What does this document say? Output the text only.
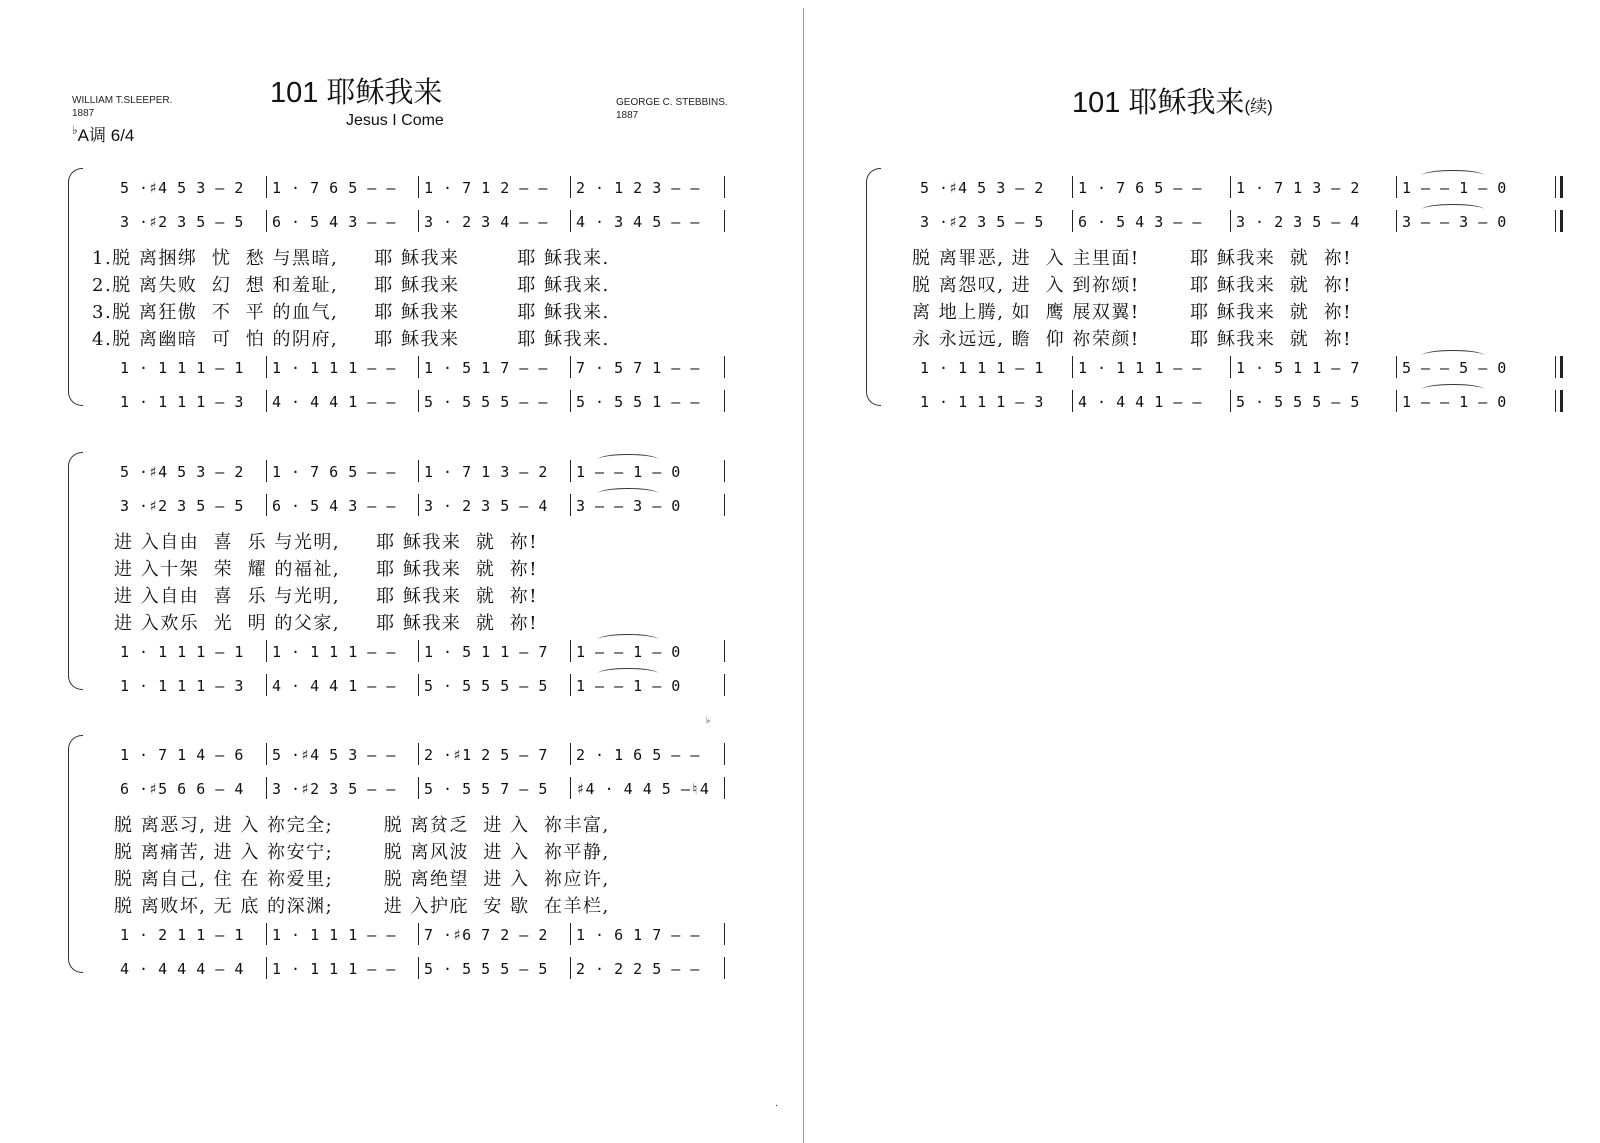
WILLIAM T.SLEEPER.
1887
101 耶稣我来
Jesus I Come
GEORGE C. STEBBINS.
1887
♭A调 6/4
5 ·♯4 5 3 — 2 1 · 7 6 5 — — 1 · 7 1 2 — — 2 · 1 2 3 — —
3 ·♯2 3 5 — 5 6 · 5 4 3 — — 3 · 2 3 4 — — 4 · 3 4 5 — —
1.脱 离捆绑  忧  愁 与黑暗,     耶 稣我来        耶 稣我来.
2.脱 离失败  幻  想 和羞耻,     耶 稣我来        耶 稣我来.
3.脱 离狂傲  不  平 的血气,     耶 稣我来        耶 稣我来.
4.脱 离幽暗  可  怕 的阴府,     耶 稣我来        耶 稣我来.
1 · 1 1 1 — 1 1 · 1 1 1 — — 1 · 5 1 7 — — 7 · 5 7 1 — —
1 · 1 1 1 — 3 4 · 4 4 1 — — 5 · 5 5 5 — — 5 · 5 5 1 — —
5 ·♯4 5 3 — 2 1 · 7 6 5 — — 1 · 7 1 3 — 2 1 — — 1 — 0
3 ·♯2 3 5 — 5 6 · 5 4 3 — — 3 · 2 3 5 — 4 3 — — 3 — 0
进 入自由  喜  乐 与光明,     耶 稣我来  就  祢!
进 入十架  荣  耀 的福祉,     耶 稣我来  就  祢!
进 入自由  喜  乐 与光明,     耶 稣我来  就  祢!
进 入欢乐  光  明 的父家,     耶 稣我来  就  祢!
1 · 1 1 1 — 1 1 · 1 1 1 — — 1 · 5 1 1 — 7 1 — — 1 — 0
1 · 1 1 1 — 3 4 · 4 4 1 — — 5 · 5 5 5 — 5 1 — — 1 — 0
1 · 7 1 4 — 6 5 ·♯4 5 3 — — 2 ·♯1 2 5 — 7 2 · 1 6 5 — —
6 ·♯5 6 6 — 4 3 ·♯2 3 5 — — 5 · 5 5 7 — 5 ♯4 · 4 4 5 —♮4
脱 离恶习, 进 入 祢完全;       脱 离贫乏  进 入  祢丰富,
脱 离痛苦, 进 入 祢安宁;       脱 离风波  进 入  祢平静,
脱 离自己, 住 在 祢爱里;       脱 离绝望  进 入  祢应许,
脱 离败坏, 无 底 的深渊;       进 入护庇  安 歇  在羊栏,
1 · 2 1 1 — 1 1 · 1 1 1 — — 7 ·♯6 7 2 — 2 1 · 6 1 7 — —
4 · 4 4 4 — 4 1 · 1 1 1 — — 5 · 5 5 5 — 5 2 · 2 2 5 — —
♭
101 耶稣我来(续)
5 ·♯4 5 3 — 2 1 · 7 6 5 — — 1 · 7 1 3 — 2	1 — — 1 — 0
3 ·♯2 3 5 — 5 6 · 5 4 3 — — 3 · 2 3 5 — 4	3 — — 3 — 0
脱 离罪恶, 进  入 主里面!       耶 稣我来  就  祢!
脱 离怨叹, 进  入 到祢颂!       耶 稣我来  就  祢!
离 地上腾, 如  鹰 展双翼!       耶 稣我来  就  祢!
永 永远远, 瞻  仰 祢荣颜!       耶 稣我来  就  祢!
1 · 1 1 1 — 1 1 · 1 1 1 — — 1 · 5 1 1 — 7	5 — — 5 — 0
1 · 1 1 1 — 3 4 · 4 4 1 — — 5 · 5 5 5 — 5	1 — — 1 — 0
.
